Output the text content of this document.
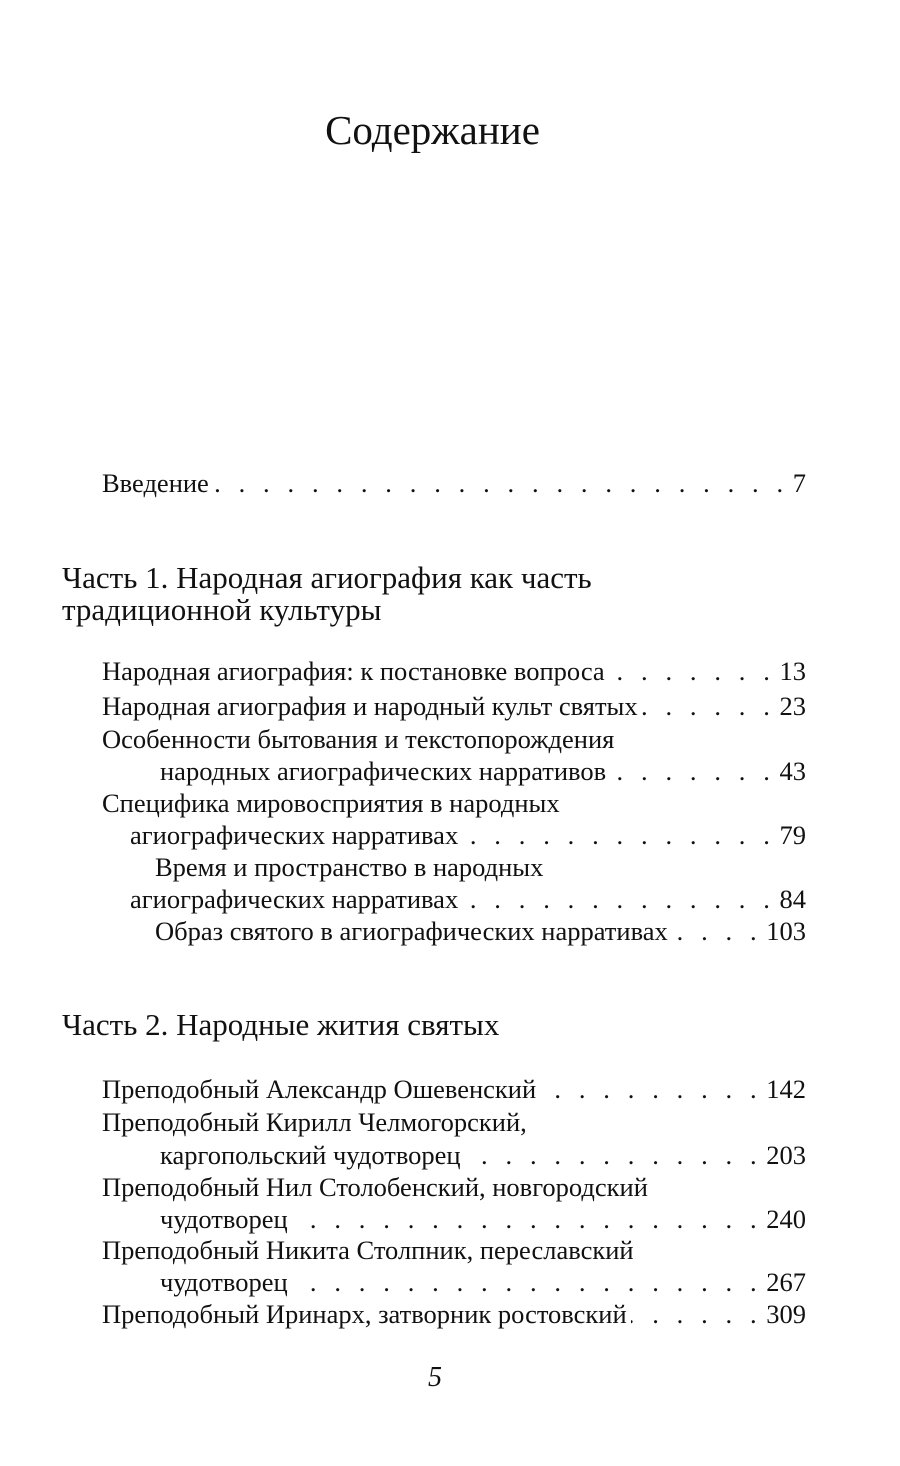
Содержание
Введение . . .	7
Часть 1. Народная агиография как часть
традиционной культуры
Народная агиография: к постановке вопроса . . .	13
Народная агиография и народный культ святых . . .	23
Особенности бытования и текстопорождения
народных агиографических нарративов . . .	43
Специфика мировосприятия в народных
агиографических нарративах . . .	79
Время и пространство в народных
агиографических нарративах . . .	84
Образ святого в агиографических нарративах . . .	103
Часть 2. Народные жития святых
Преподобный Александр Ошевенский . . .	142
Преподобный Кирилл Челмогорский,
каргопольский чудотворец . . .	203
Преподобный Нил Столобенский, новгородский
чудотворец . . .	240
Преподобный Никита Столпник, переславский
чудотворец . . .	267
Преподобный Иринарх, затворник ростовский . . .	309
5
